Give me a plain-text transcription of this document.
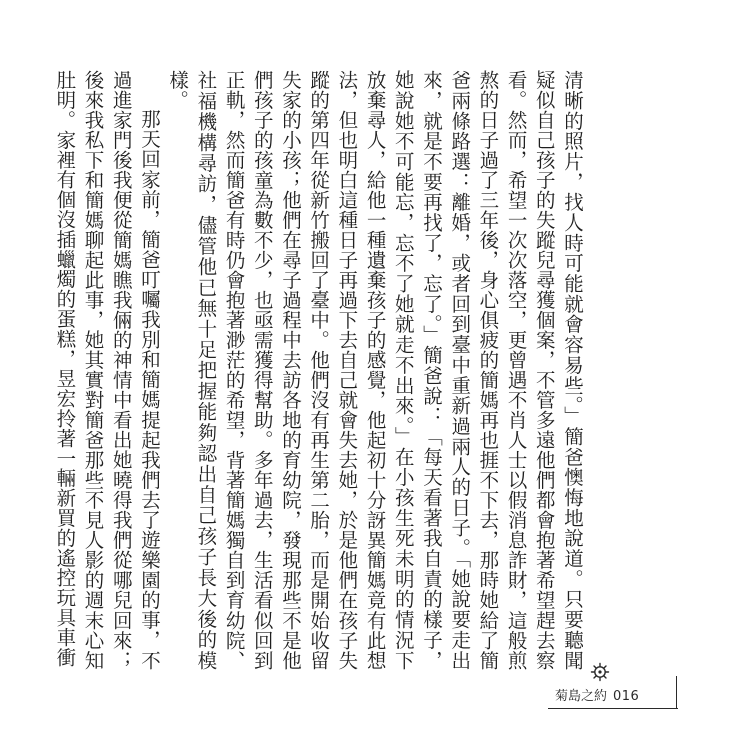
清晰的照片，找人時可能就會容易些。」簡爸懊悔地說道。只要聽聞疑似自己孩子的失蹤兒尋獲個案，不管多遠他們都會抱著希望趕去察看。然而，希望一次次落空，更曾遇不肖人士以假消息詐財，這般煎熬的日子過了三年後，身心俱疲的簡媽再也捱不下去，那時她給了簡爸兩條路選：離婚，或者回到臺中重新過兩人的日子。「她說要走出來，就是不要再找了，忘了。」簡爸說：「每天看著我自責的樣子，她說她不可能忘，忘不了她就走不出來。」在小孩生死未明的情況下放棄尋人，給他一種遺棄孩子的感覺，他起初十分訝異簡媽竟有此想法，但也明白這種日子再過下去自己就會失去她，於是他們在孩子失蹤的第四年從新竹搬回了臺中。他們沒有再生第二胎，而是開始收留失家的小孩；他們在尋子過程中去訪各地的育幼院，發現那些不是他們孩子的孩童為數不少，也亟需獲得幫助。多年過去，生活看似回到正軌，然而簡爸有時仍會抱著渺茫的希望，背著簡媽獨自到育幼院、社福機構尋訪，儘管他已無十足把握能夠認出自己孩子長大後的模樣。

那天回家前，簡爸叮囑我別和簡媽提起我們去了遊樂園的事，不過進家門後我便從簡媽瞧我倆的神情中看出她曉得我們從哪兒回來；後來我私下和簡媽聊起此事，她其實對簡爸那些不見人影的週末心知肚明。家裡有個沒插蠟燭的蛋糕，昱宏拎著一輛新買的遙控玩具車衝

菊島之約 016
